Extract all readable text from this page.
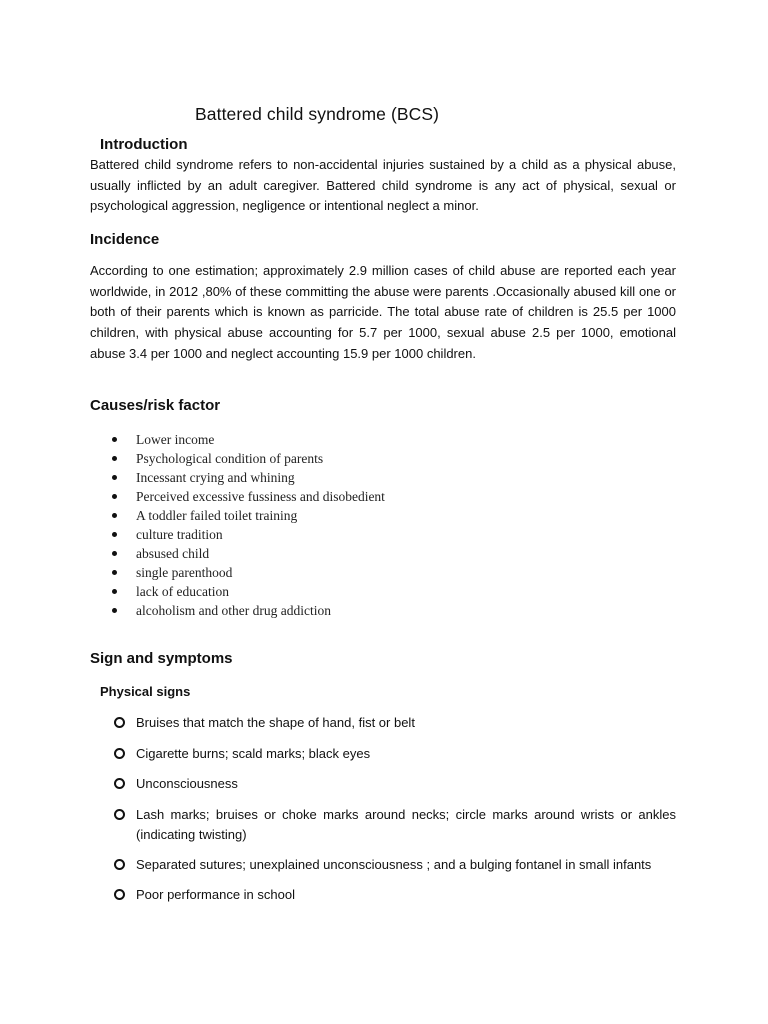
Battered child syndrome (BCS)
Introduction
Battered child syndrome refers to non-accidental injuries sustained by a child as a physical abuse, usually inflicted by an adult caregiver. Battered child syndrome is any act of physical, sexual or psychological aggression, negligence or intentional neglect a minor.
Incidence
According to one estimation; approximately 2.9 million cases of child abuse are reported each year worldwide, in 2012 ,80% of these committing the abuse were parents .Occasionally abused kill one or both of their parents which is known as parricide. The total abuse rate of children is 25.5 per 1000 children, with physical abuse accounting for 5.7 per 1000, sexual abuse 2.5 per 1000, emotional abuse 3.4 per 1000 and neglect accounting 15.9 per 1000 children.
Causes/risk factor
Lower income
Psychological condition of parents
Incessant crying and whining
Perceived excessive fussiness and disobedient
A toddler failed toilet training
culture tradition
absused child
single parenthood
lack of education
alcoholism and other drug addiction
Sign and symptoms
Physical signs
Bruises that match the shape of hand, fist or belt
Cigarette burns; scald marks; black eyes
Unconsciousness
Lash marks; bruises or choke marks around necks; circle marks around wrists or ankles (indicating twisting)
Separated sutures; unexplained unconsciousness ; and a bulging fontanel in small infants
Poor performance in school
